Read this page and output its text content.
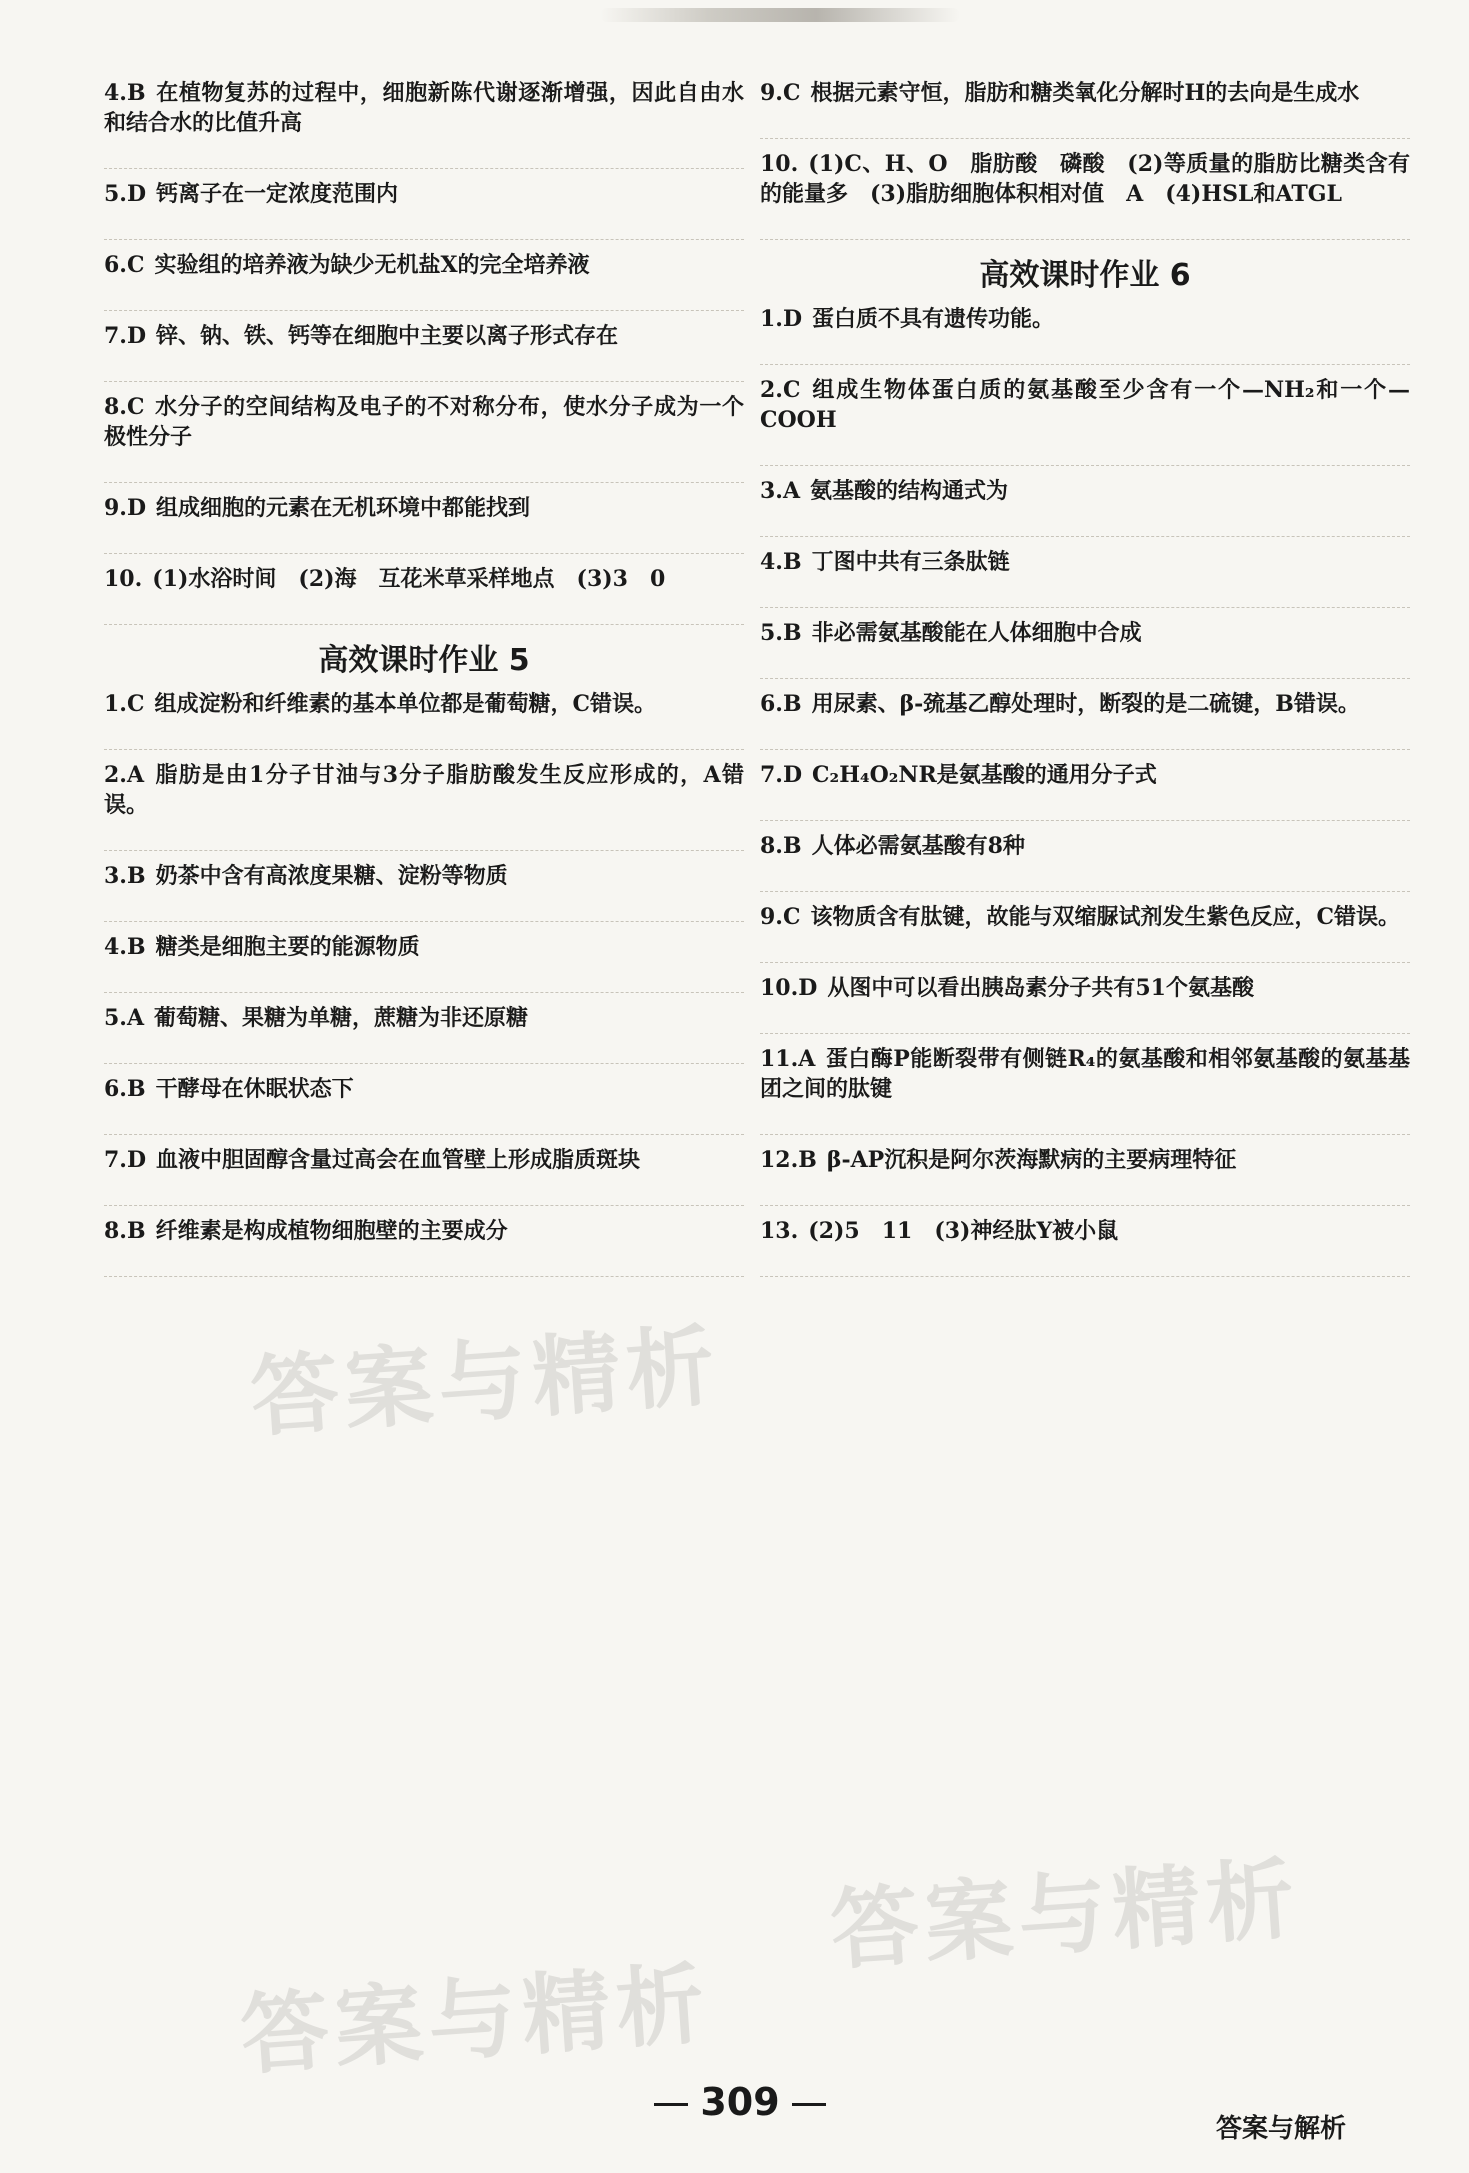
4.B 在植物复苏的过程中，细胞新陈代谢逐渐增强，因此自由水和结合水的比值升高
5.D 钙离子在一定浓度范围内
6.C 实验组的培养液为缺少无机盐X的完全培养液
7.D 锌、钠、铁、钙等在细胞中主要以离子形式存在
8.C 水分子的空间结构及电子的不对称分布，使水分子成为一个极性分子
9.D 组成细胞的元素在无机环境中都能找到
10. (1)水浴时间　(2)海　互花米草采样地点　(3)3　0
高效课时作业 5
1.C 组成淀粉和纤维素的基本单位都是葡萄糖，C错误。
2.A 脂肪是由1分子甘油与3分子脂肪酸发生反应形成的，A错误。
3.B 奶茶中含有高浓度果糖、淀粉等物质
4.B 糖类是细胞主要的能源物质
5.A 葡萄糖、果糖为单糖，蔗糖为非还原糖
6.B 干酵母在休眠状态下
7.D 血液中胆固醇含量过高会在血管壁上形成脂质斑块
8.B 纤维素是构成植物细胞壁的主要成分
9.C 根据元素守恒，脂肪和糖类氧化分解时H的去向是生成水
10. (1)C、H、O　脂肪酸　磷酸　(2)等质量的脂肪比糖类含有的能量多　(3)脂肪细胞体积相对值　A　(4)HSL和ATGL
高效课时作业 6
1.D 蛋白质不具有遗传功能。
2.C 组成生物体蛋白质的氨基酸至少含有一个—NH₂和一个—COOH
3.A 氨基酸的结构通式为
4.B 丁图中共有三条肽链
5.B 非必需氨基酸能在人体细胞中合成
6.B 用尿素、β-巯基乙醇处理时，断裂的是二硫键，B错误。
7.D C₂H₄O₂NR是氨基酸的通用分子式
8.B 人体必需氨基酸有8种
9.C 该物质含有肽键，故能与双缩脲试剂发生紫色反应，C错误。
10.D 从图中可以看出胰岛素分子共有51个氨基酸
11.A 蛋白酶P能断裂带有侧链R₄的氨基酸和相邻氨基酸的氨基基团之间的肽键
12.B β-AP沉积是阿尔茨海默病的主要病理特征
13. (2)5　11　(3)神经肽Y被小鼠
答案与精析
答案与精析
答案与精析
309
答案与解析
